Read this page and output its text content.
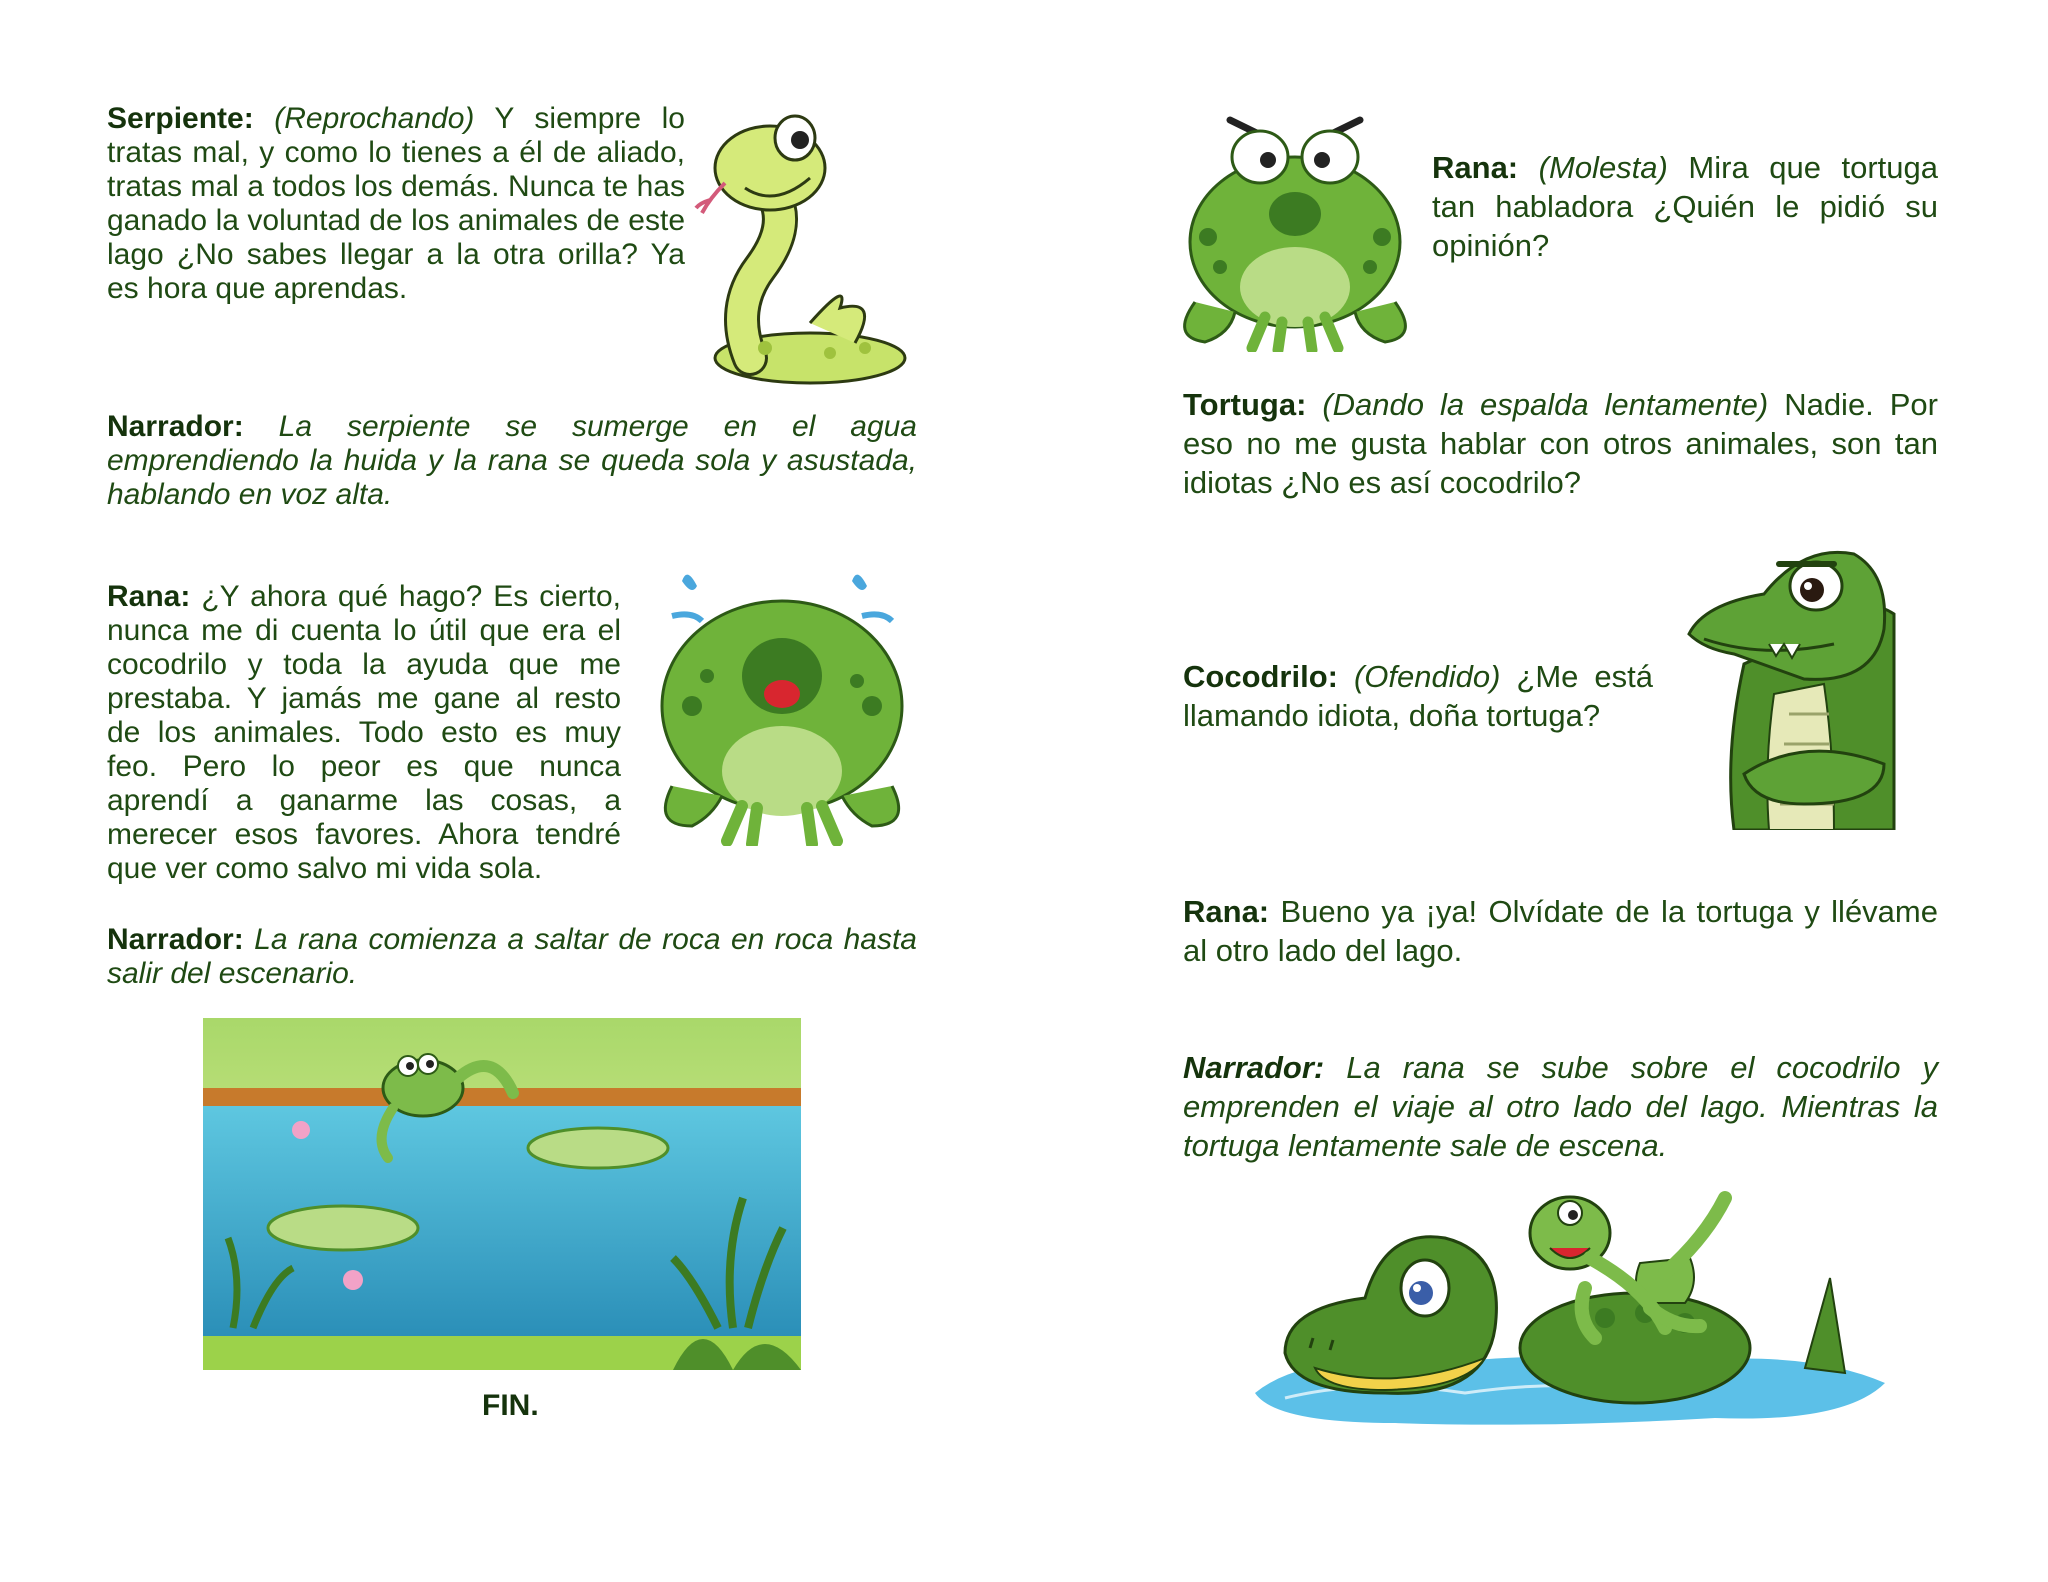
Serpiente: (Reprochando) Y siempre lo tratas mal, y como lo tienes a él de aliado, tratas mal a todos los demás. Nunca te has ganado la voluntad de los animales de este lago ¿No sabes llegar a la otra orilla? Ya es hora que aprendas.
Narrador: La serpiente se sumerge en el agua emprendiendo la huida y la rana se queda sola y asustada, hablando en voz alta.
Rana: ¿Y ahora qué hago? Es cierto, nunca me di cuenta lo útil que era el cocodrilo y toda la ayuda que me prestaba. Y jamás me gane al resto de los animales. Todo esto es muy feo. Pero lo peor es que nunca aprendí a ganarme las cosas, a merecer esos favores. Ahora tendré que ver como salvo mi vida sola.
Narrador: La rana comienza a saltar de roca en roca hasta salir del escenario.
FIN.
Rana: (Molesta) Mira que tortuga tan habladora ¿Quién le pidió su opinión?
Tortuga: (Dando la espalda lentamente) Nadie. Por eso no me gusta hablar con otros animales, son tan idiotas ¿No es así cocodrilo?
Cocodrilo: (Ofendido) ¿Me está llamando idiota, doña tortuga?
Rana: Bueno ya ¡ya! Olvídate de la tortuga y llévame al otro lado del lago.
Narrador: La rana se sube sobre el cocodrilo y emprenden el viaje al otro lado del lago. Mientras la tortuga lentamente sale de escena.
